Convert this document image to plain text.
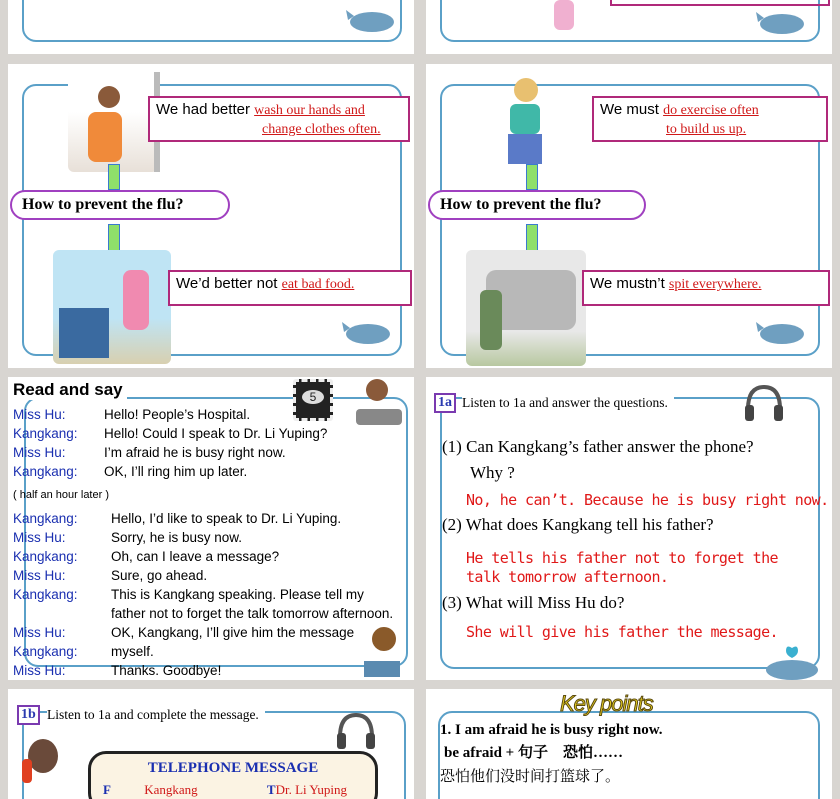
We had better wash our hands and
change clothes often.
How to prevent the flu?
We’d better not eat bad food.
We must do exercise often
to build us up.
How to prevent the flu?
We mustn’t spit everywhere.
Read and say	5
Miss Hu:	Hello! People’s Hospital.
Kangkang: Hello! Could I speak to Dr. Li Yuping?
Miss Hu:	I’m afraid he is busy right now.
Kangkang: OK, I’ll ring him up later.
( half an hour later )
Kangkang: Hello, I’d like to speak to Dr. Li Yuping.
Miss Hu:	Sorry, he is busy now.
Kangkang: Oh, can I leave a message?
Miss Hu:	Sure, go ahead.
Kangkang: This is Kangkang speaking. Please tell my
father not to forget the talk tomorrow afternoon.
Miss Hu:	OK, Kangkang, I’ll give him the message
Kangkang: myself.
Miss Hu:	Thanks. Goodbye!
1a Listen to 1a and answer the questions.
(1) Can Kangkang’s father answer the phone?
Why ?
No, he can’t. Because he is busy right now.
(2) What does Kangkang tell his father?
He tells his father not to forget the
talk tomorrow afternoon.
(3) What will Miss Hu do?
She will give his father the message.
1b Listen to 1a and complete the message.
TELEPHONE MESSAGE
F	Kangkang	TDr. Li Yuping
Key points
1. I am afraid he is busy right now.
be afraid + 句子    恐怕……
恐怕他们没时间打篮球了。
